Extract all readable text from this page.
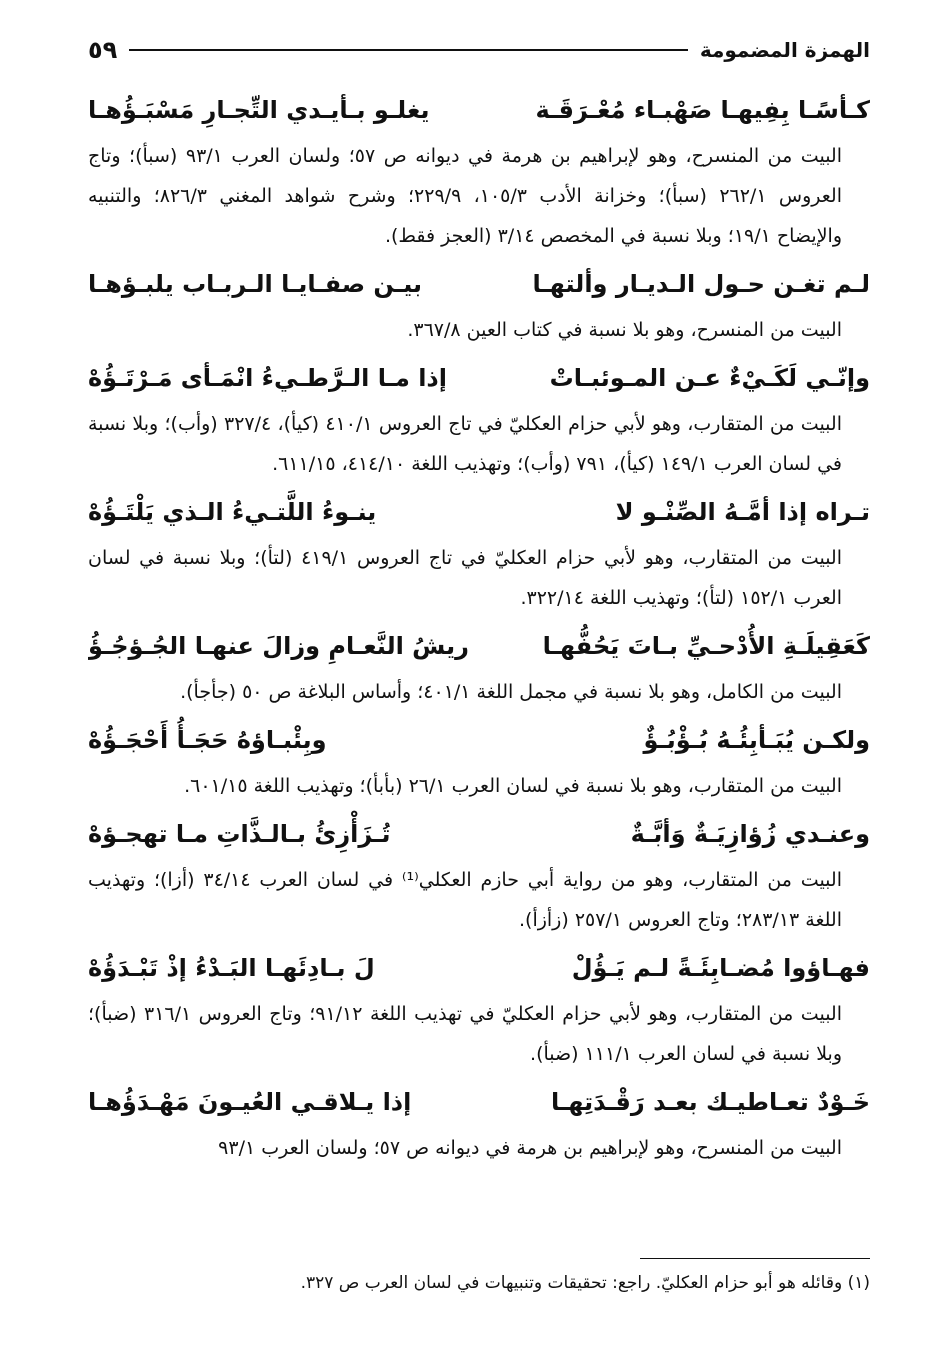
الهمزة المضمومة
٥٩
كـأسًـا بِفِيهـا صَهْبـاء مُعْـرَقَـة
يغلـو بـأيـدي التِّجـارِ مَسْبَـؤُهـا
البيت من المنسرح، وهو لإبراهيم بن هرمة في ديوانه ص ٥٧؛ ولسان العرب ٩٣/١ (سبأ)؛ وتاج العروس ٢٦٢/١ (سبأ)؛ وخزانة الأدب ١٠٥/٣، ٢٢٩/٩؛ وشرح شواهد المغني ٨٢٦/٣؛ والتنبيه والإيضاح ١٩/١؛ وبلا نسبة في المخصص ٣/١٤ (العجز فقط).
لـم تغـن حـول الـديـار وألتهـا
بيـن صفـايـا الـربـاب يلبـؤهـا
البيت من المنسرح، وهو بلا نسبة في كتاب العين ٣٦٧/٨.
وإنّـي لَكَـيْءٌ عـن المـوئبـاتْ
إذا مـا الـرَّطـيءُ انْمَـأى مَـرْتَـؤُهْ
البيت من المتقارب، وهو لأبي حزام العكليّ في تاج العروس ٤١٠/١ (كيأ)، ٣٢٧/٤ (وأب)؛ وبلا نسبة في لسان العرب ١٤٩/١ (كيأ)، ٧٩١ (وأب)؛ وتهذيب اللغة ٤١٤/١٠، ٦١١/١٥.
تـراه إذا أمَّـهُ الصِّنْـو لا
ينـوءُ اللَّتـيءُ الـذي يَلْتَـؤُهْ
البيت من المتقارب، وهو لأبي حزام العكليّ في تاج العروس ٤١٩/١ (لتأ)؛ وبلا نسبة في لسان العرب ١٥٢/١ (لتأ)؛ وتهذيب اللغة ٣٢٢/١٤.
كَعَقِيلَـةِ الأُدْحـيِّ بـاتَ يَحُفُّهـا
ريشُ النَّعـامِ وزالَ عنهـا الجُـؤجُـؤُ
البيت من الكامل، وهو بلا نسبة في مجمل اللغة ٤٠١/١؛ وأساس البلاغة ص ٥٠ (جأجأ).
ولكـن يُبَـأبِئُـهُ بُـؤْبُـؤٌ
وبِئْبـاؤهُ حَجَـأُ أَحْجَـؤُهْ
البيت من المتقارب، وهو بلا نسبة في لسان العرب ٢٦/١ (بأبأ)؛ وتهذيب اللغة ٦٠١/١٥.
وعنـدي زُؤازِيَـةٌ وَأبَّـةٌ
تُـزَأْزِئُ بـالـذَّاتِ مـا تهجـؤهْ
البيت من المتقارب، وهو من رواية أبي حازم العكلي⁽¹⁾ في لسان العرب ٣٤/١٤ (أزا)؛ وتهذيب اللغة ٢٨٣/١٣؛ وتاج العروس ٢٥٧/١ (زأزأ).
فهـاؤوا مُضـابِئَـةً لـم يَـؤُلْ
لَ بـادِئَهـا البَـدْءُ إذْ تَبْـدَؤُهْ
البيت من المتقارب، وهو لأبي حزام العكليّ في تهذيب اللغة ٩١/١٢؛ وتاج العروس ٣١٦/١ (ضبأ)؛ وبلا نسبة في لسان العرب ١١١/١ (ضبأ).
خَـوْدٌ تعـاطيـك بعـد رَقْـدَتِهـا
إذا يـلاقـي العُيـونَ مَهْـدَؤُهـا
البيت من المنسرح، وهو لإبراهيم بن هرمة في ديوانه ص ٥٧؛ ولسان العرب ٩٣/١
(١) وقائله هو أبو حزام العكليّ. راجع: تحقيقات وتنبيهات في لسان العرب ص ٣٢٧.
